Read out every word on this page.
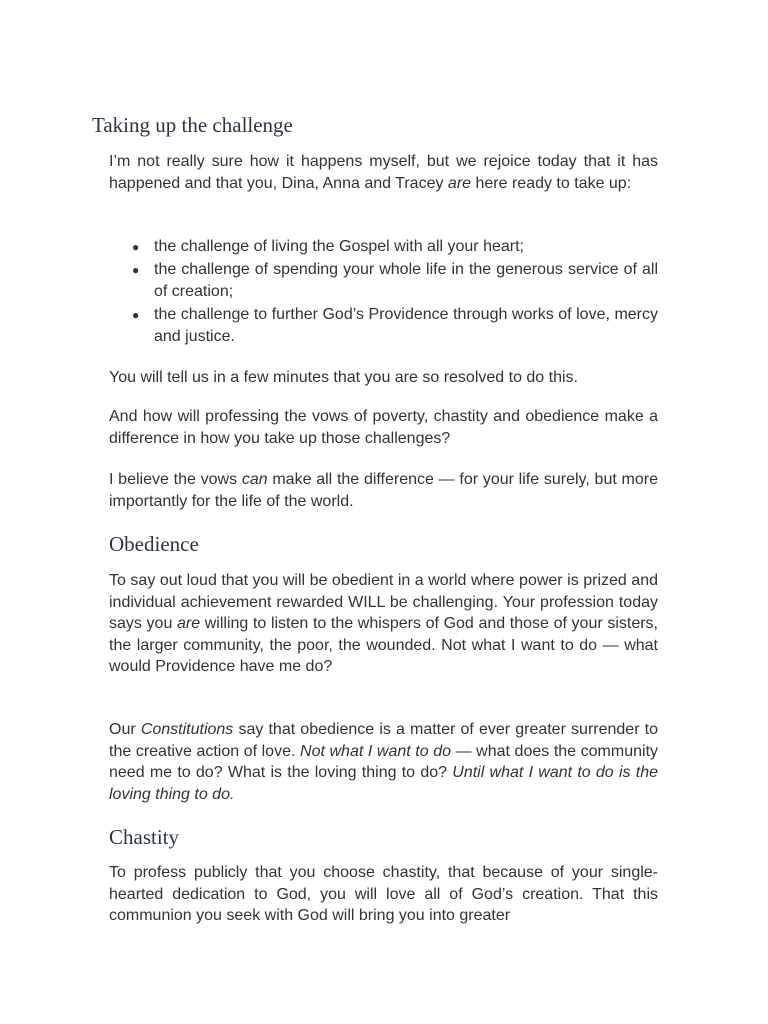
Taking up the challenge

I’m not really sure how it happens myself, but we rejoice today that it has happened and that you, Dina, Anna and Tracey are here ready to take up:

● the challenge of living the Gospel with all your heart;
● the challenge of spending your whole life in the generous service of all of creation;
● the challenge to further God’s Providence through works of love, mercy and justice.

You will tell us in a few minutes that you are so resolved to do this.

And how will professing the vows of poverty, chastity and obedience make a difference in how you take up those challenges?

I believe the vows can make all the difference — for your life surely, but more importantly for the life of the world.

Obedience

To say out loud that you will be obedient in a world where power is prized and individual achievement rewarded WILL be challenging. Your profession today says you are willing to listen to the whispers of God and those of your sisters, the larger community, the poor, the wounded. Not what I want to do — what would Providence have me do?

Our Constitutions say that obedience is a matter of ever greater surrender to the creative action of love. Not what I want to do — what does the community need me to do? What is the loving thing to do? Until what I want to do is the loving thing to do.

Chastity

To profess publicly that you choose chastity, that because of your single-hearted dedication to God, you will love all of God’s creation. That this communion you seek with God will bring you into greater
